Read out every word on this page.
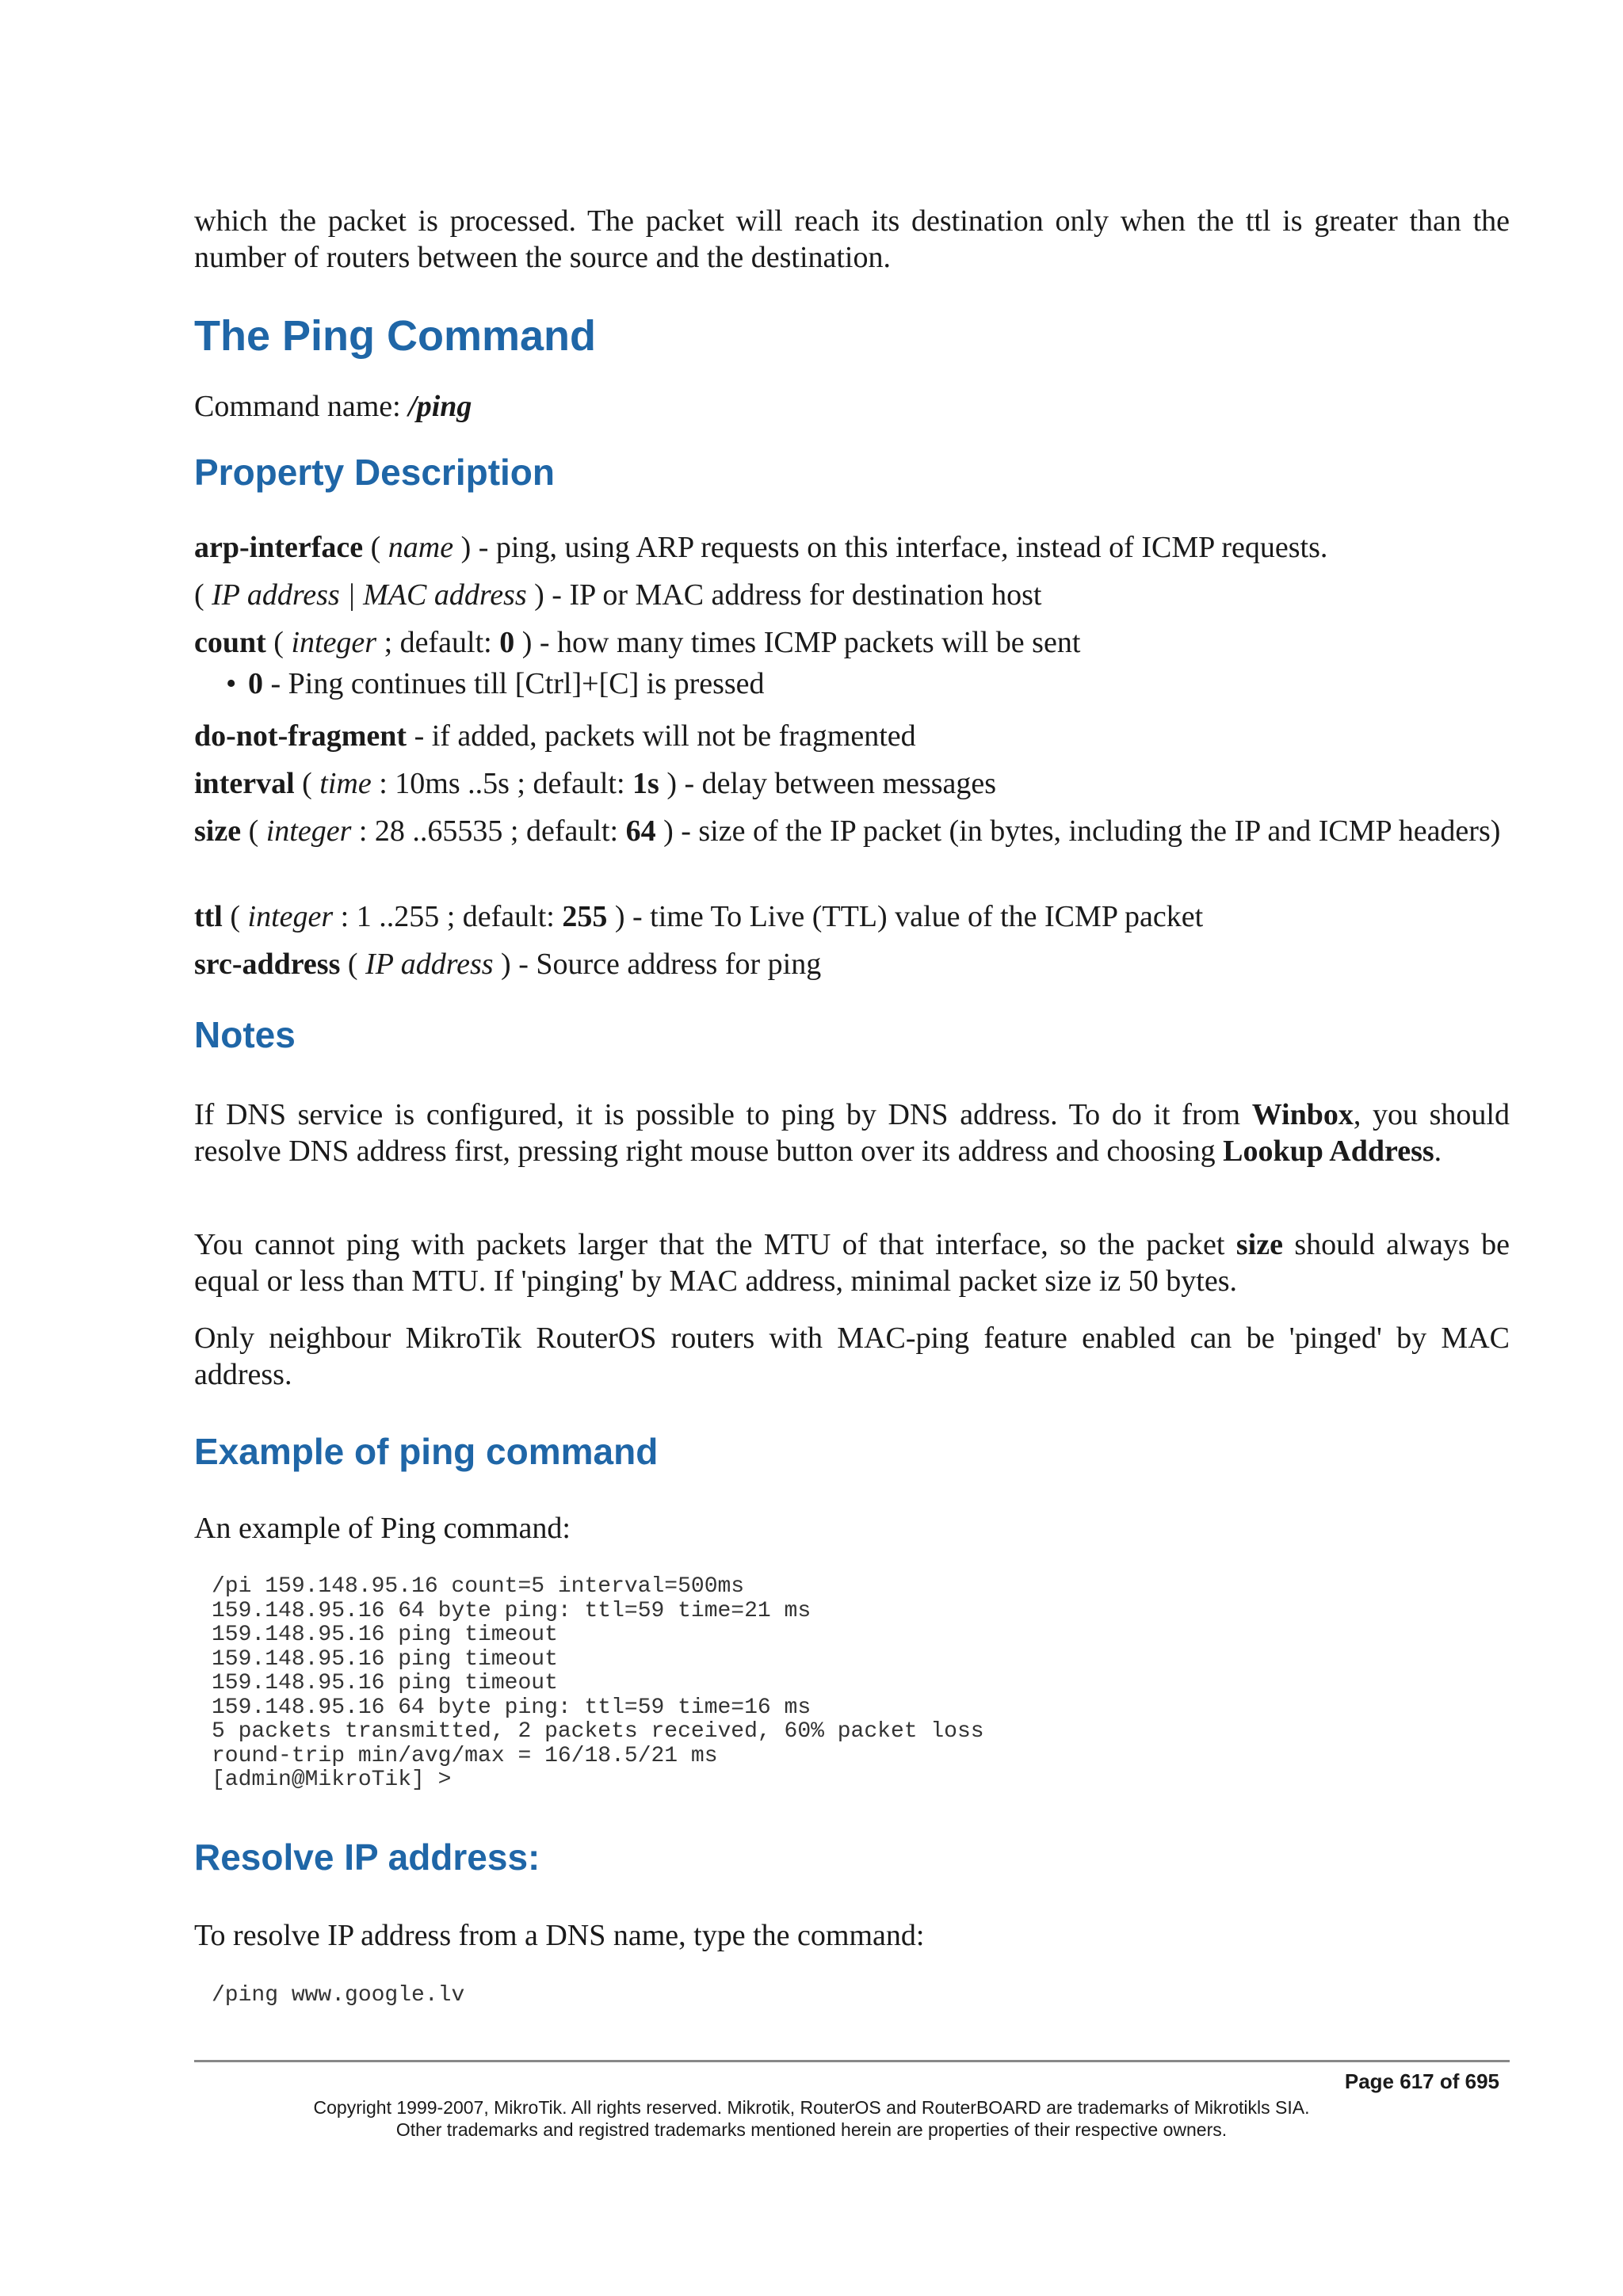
which the packet is processed. The packet will reach its destination only when the ttl is greater than the number of routers between the source and the destination.

The Ping Command

Command name: /ping

Property Description

arp-interface ( name ) - ping, using ARP requests on this interface, instead of ICMP requests.

( IP address | MAC address ) - IP or MAC address for destination host

count ( integer ; default: 0 ) - how many times ICMP packets will be sent

• 0 - Ping continues till [Ctrl]+[C] is pressed

do-not-fragment - if added, packets will not be fragmented

interval ( time : 10ms ..5s ; default: 1s ) - delay between messages

size ( integer : 28 ..65535 ; default: 64 ) - size of the IP packet (in bytes, including the IP and ICMP headers)

ttl ( integer : 1 ..255 ; default: 255 ) - time To Live (TTL) value of the ICMP packet

src-address ( IP address ) - Source address for ping

Notes

If DNS service is configured, it is possible to ping by DNS address. To do it from Winbox, you should resolve DNS address first, pressing right mouse button over its address and choosing Lookup Address.

You cannot ping with packets larger that the MTU of that interface, so the packet size should always be equal or less than MTU. If 'pinging' by MAC address, minimal packet size iz 50 bytes.

Only neighbour MikroTik RouterOS routers with MAC-ping feature enabled can be 'pinged' by MAC address.

Example of ping command

An example of Ping command:

/pi 159.148.95.16 count=5 interval=500ms
159.148.95.16 64 byte ping: ttl=59 time=21 ms
159.148.95.16 ping timeout
159.148.95.16 ping timeout
159.148.95.16 ping timeout
159.148.95.16 64 byte ping: ttl=59 time=16 ms
5 packets transmitted, 2 packets received, 60% packet loss
round-trip min/avg/max = 16/18.5/21 ms
[admin@MikroTik] >
Resolve IP address:

To resolve IP address from a DNS name, type the command:

/ping www.google.lv
Page 617 of 695
Copyright 1999-2007, MikroTik. All rights reserved. Mikrotik, RouterOS and RouterBOARD are trademarks of Mikrotikls SIA.
Other trademarks and registred trademarks mentioned herein are properties of their respective owners.
